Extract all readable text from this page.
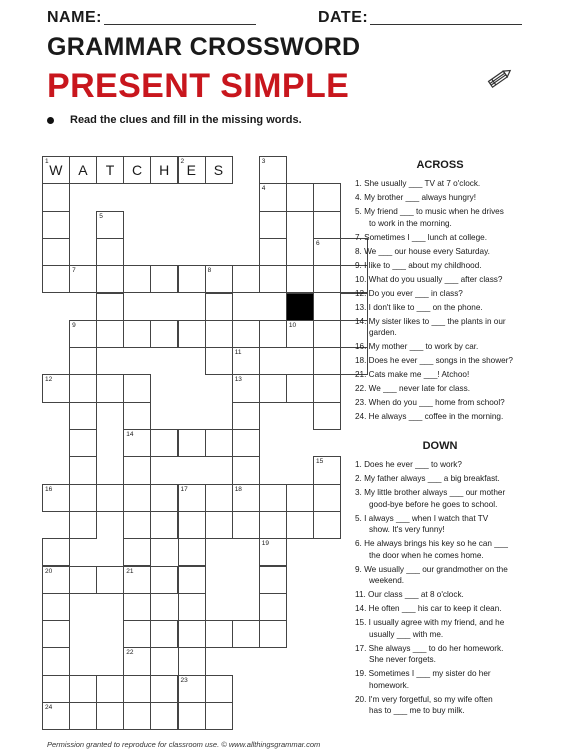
NAME:	DATE:
GRAMMAR CROSSWORD
PRESENT SIMPLE
Read the clues and fill in the missing words.
1
W	A	T	C	H
2
E	S
3
4
5
6
7	8
9	10
12	13
14
15
16	17	18
19
20	21
23
24
11
22
ACROSS
1. She usually ___ TV at 7 o'clock.
4. My brother ___ always hungry!
5. My friend ___ to music when he drives
to work in the morning.
7. Sometimes I ___ lunch at college.
8. We ___ our house every Saturday.
9. I like to ___ about my childhood.
10. What do you usually ___ after class?
12. Do you ever ___ in class?
13. I don't like to ___ on the phone.
14. My sister likes to ___ the plants in our
garden.
16. My mother ___ to work by car.
18. Does he ever ___ songs in the shower?
21. Cats make me ___! Atchoo!
22. We ___ never late for class.
23. When do you ___ home from school?
24. He always ___ coffee in the morning.
DOWN
1. Does he ever ___ to work?
2. My father always ___ a big breakfast.
3. My little brother always ___ our mother
good-bye before he goes to school.
5. I always ___ when I watch that TV
show. It's very funny!
6. He always brings his key so he can ___
the door when he comes home.
9. We usually ___ our grandmother on the
weekend.
11. Our class ___ at 8 o'clock.
14. He often ___ his car to keep it clean.
15. I usually agree with my friend, and he
usually ___ with me.
17. She always ___ to do her homework.
She never forgets.
19. Sometimes I ___ my sister do her
homework.
20. I'm very forgetful, so my wife often
has to ___ me to buy milk.
Permission granted to reproduce for classroom use. © www.allthingsgrammar.com
